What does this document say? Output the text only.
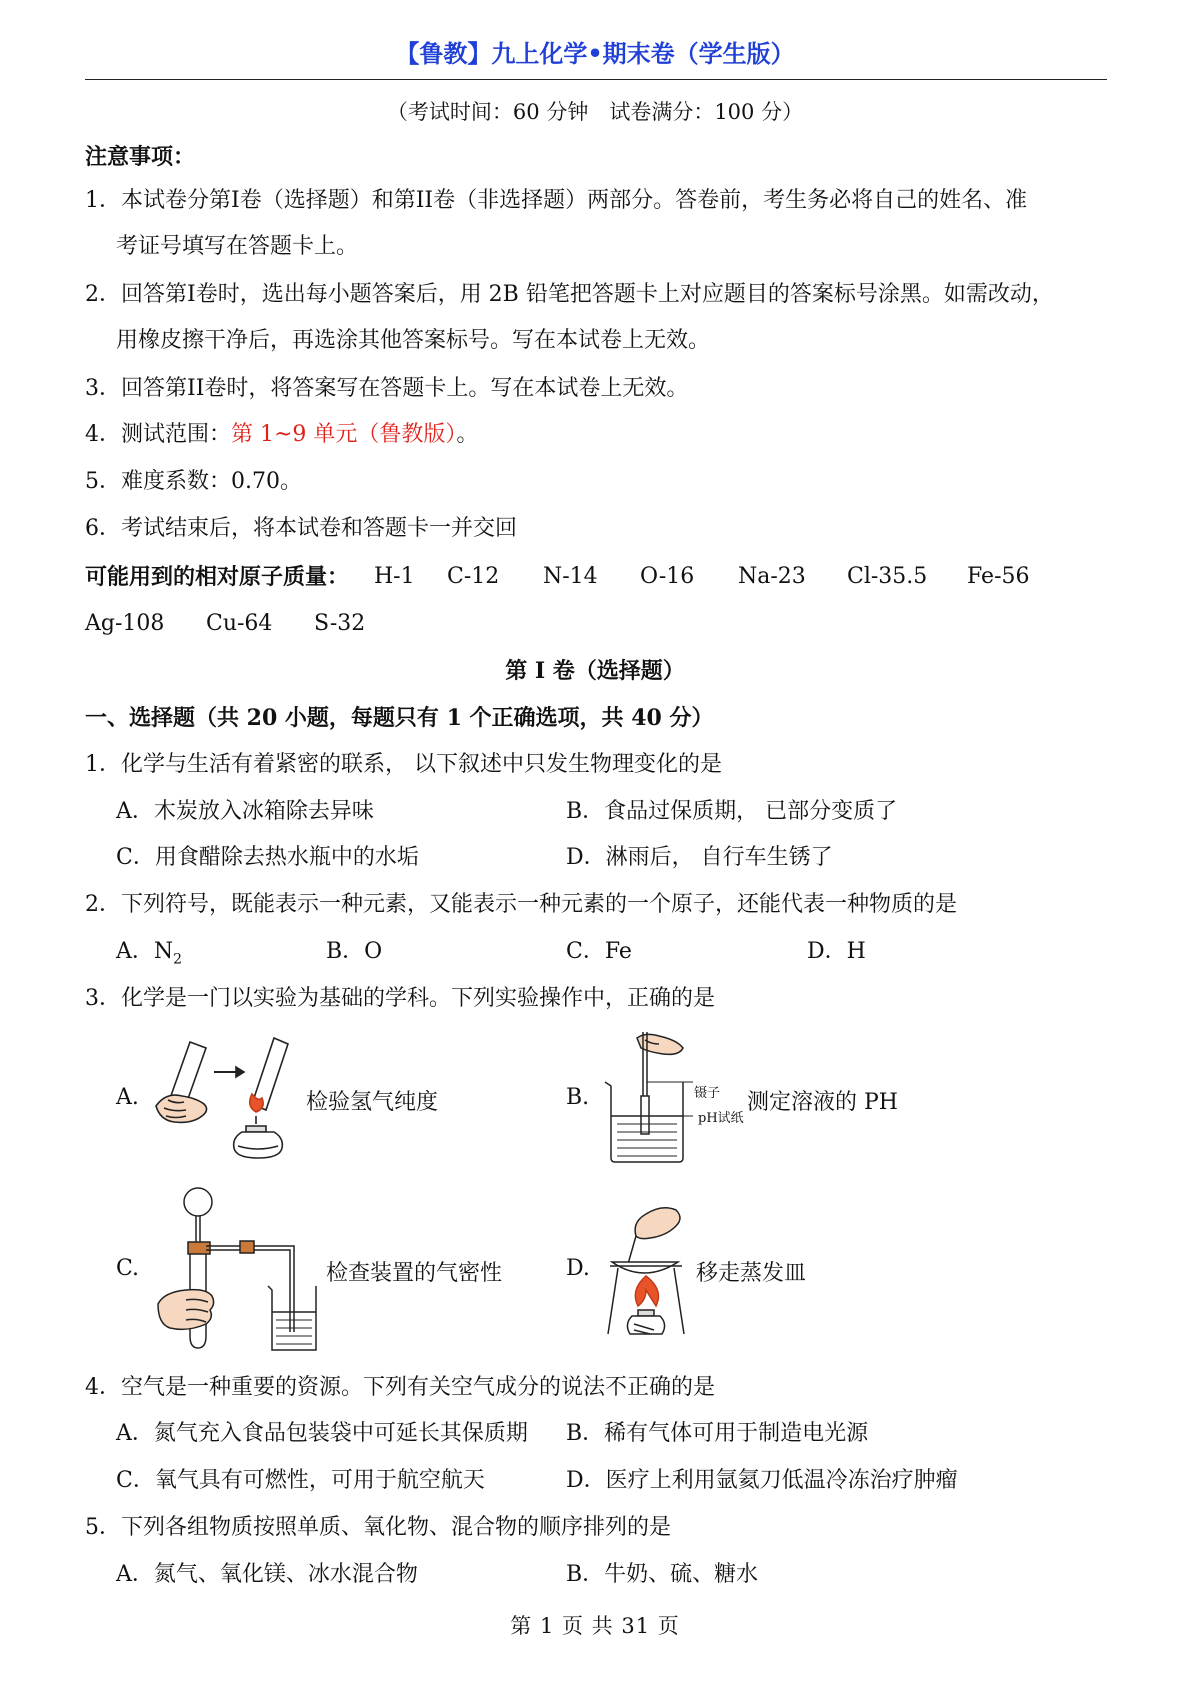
【鲁教】九上化学•期末卷（学生版）
（考试时间：60 分钟　试卷满分：100 分）
注意事项：
1．本试卷分第I卷（选择题）和第II卷（非选择题）两部分。答卷前，考生务必将自己的姓名、准
考证号填写在答题卡上。
2．回答第I卷时，选出每小题答案后，用 2B 铅笔把答题卡上对应题目的答案标号涂黑。如需改动，
用橡皮擦干净后，再选涂其他答案标号。写在本试卷上无效。
3．回答第II卷时，将答案写在答题卡上。写在本试卷上无效。
4．测试范围：第 1~9 单元（鲁教版）。
5．难度系数：0.70。
6．考试结束后，将本试卷和答题卡一并交回
可能用到的相对原子质量： H-1 C-12 N-14 O-16 Na-23 Cl-35.5 Fe-56
Ag-108 Cu-64 S-32
第 I 卷（选择题）
一、选择题（共 20 小题，每题只有 1 个正确选项，共 40 分）
1．化学与生活有着紧密的联系， 以下叙述中只发生物理变化的是
A．木炭放入冰箱除去异味	B．食品过保质期， 已部分变质了
C．用食醋除去热水瓶中的水垢	D．淋雨后， 自行车生锈了
2．下列符号，既能表示一种元素，又能表示一种元素的一个原子，还能代表一种物质的是
A．$N_2$	B．O	C．Fe	D．H
3．化学是一门以实验为基础的学科。下列实验操作中，正确的是
A.	检验氢气纯度	B.	镊子
pH试纸
测定溶液的 PH
C.	检查装置的气密性	D.	移走蒸发皿
4．空气是一种重要的资源。下列有关空气成分的说法不正确的是
A．氮气充入食品包装袋中可延长其保质期 B．稀有气体可用于制造电光源
C．氧气具有可燃性，可用于航空航天	D．医疗上利用氩氦刀低温冷冻治疗肿瘤
5．下列各组物质按照单质、氧化物、混合物的顺序排列的是
A．氮气、氧化镁、冰水混合物	B．牛奶、硫、糖水
第 1 页 共 31 页
